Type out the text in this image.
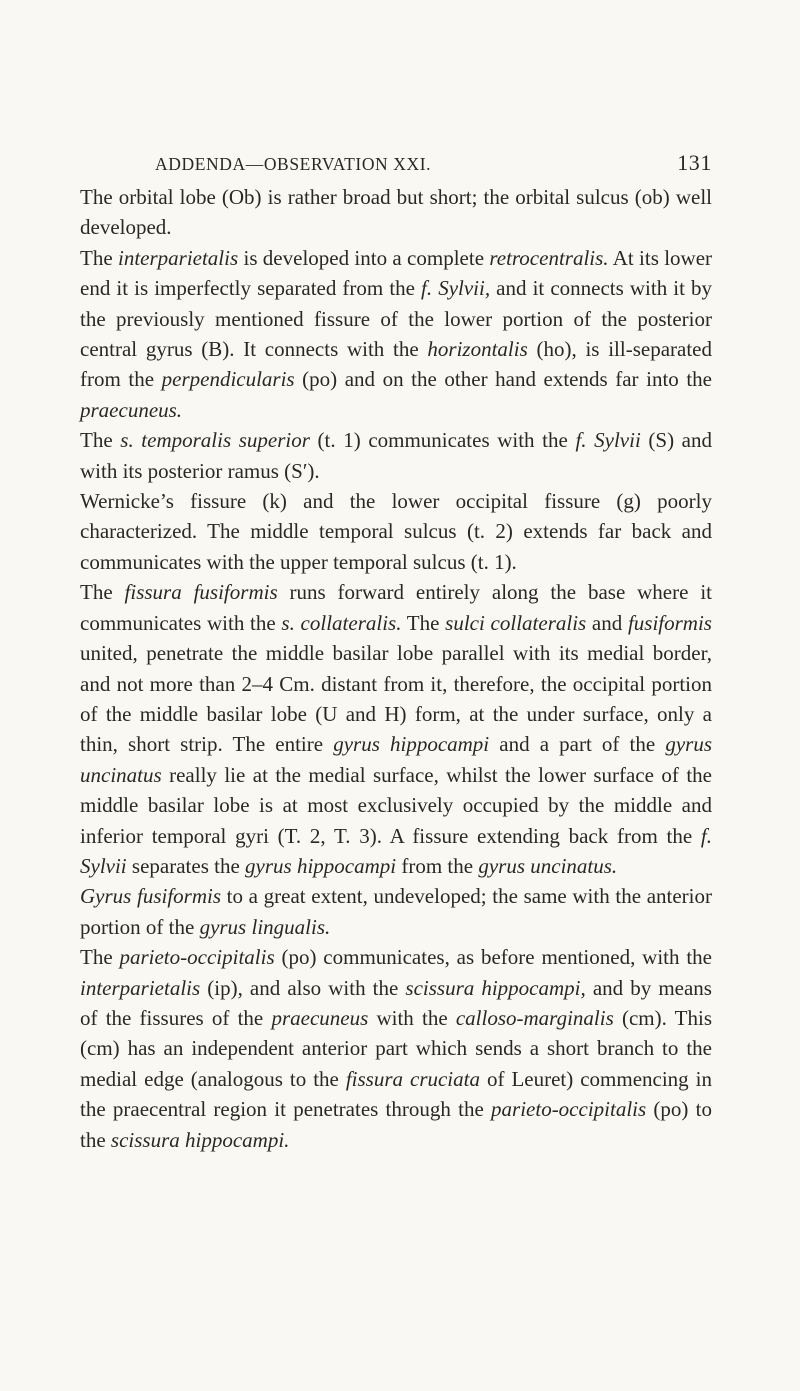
ADDENDA—OBSERVATION XXI.	131

The orbital lobe (Ob) is rather broad but short; the orbital sulcus (ob) well developed.

The interparietalis is developed into a complete retrocentralis. At its lower end it is imperfectly separated from the f. Sylvii, and it connects with it by the previously mentioned fissure of the lower portion of the posterior central gyrus (B). It connects with the horizontalis (ho), is ill-separated from the perpendicularis (po) and on the other hand extends far into the praecuneus.

The s. temporalis superior (t. 1) communicates with the f. Sylvii (S) and with its posterior ramus (S′).

Wernicke’s fissure (k) and the lower occipital fissure (g) poorly characterized. The middle temporal sulcus (t. 2) extends far back and communicates with the upper temporal sulcus (t. 1).

The fissura fusiformis runs forward entirely along the base where it communicates with the s. collateralis. The sulci collateralis and fusiformis united, penetrate the middle basilar lobe parallel with its medial border, and not more than 2–4 Cm. distant from it, therefore, the occipital portion of the middle basilar lobe (U and H) form, at the under surface, only a thin, short strip. The entire gyrus hippocampi and a part of the gyrus uncinatus really lie at the medial surface, whilst the lower surface of the middle basilar lobe is at most exclusively occupied by the middle and inferior temporal gyri (T. 2, T. 3). A fissure extending back from the f. Sylvii separates the gyrus hippocampi from the gyrus uncinatus.

Gyrus fusiformis to a great extent, undeveloped; the same with the anterior portion of the gyrus lingualis.

The parieto-occipitalis (po) communicates, as before mentioned, with the interparietalis (ip), and also with the scissura hippocampi, and by means of the fissures of the praecuneus with the calloso-marginalis (cm). This (cm) has an independent anterior part which sends a short branch to the medial edge (analogous to the fissura cruciata of Leuret) commencing in the praecentral region it penetrates through the parieto-occipitalis (po) to the scissura hippocampi.
